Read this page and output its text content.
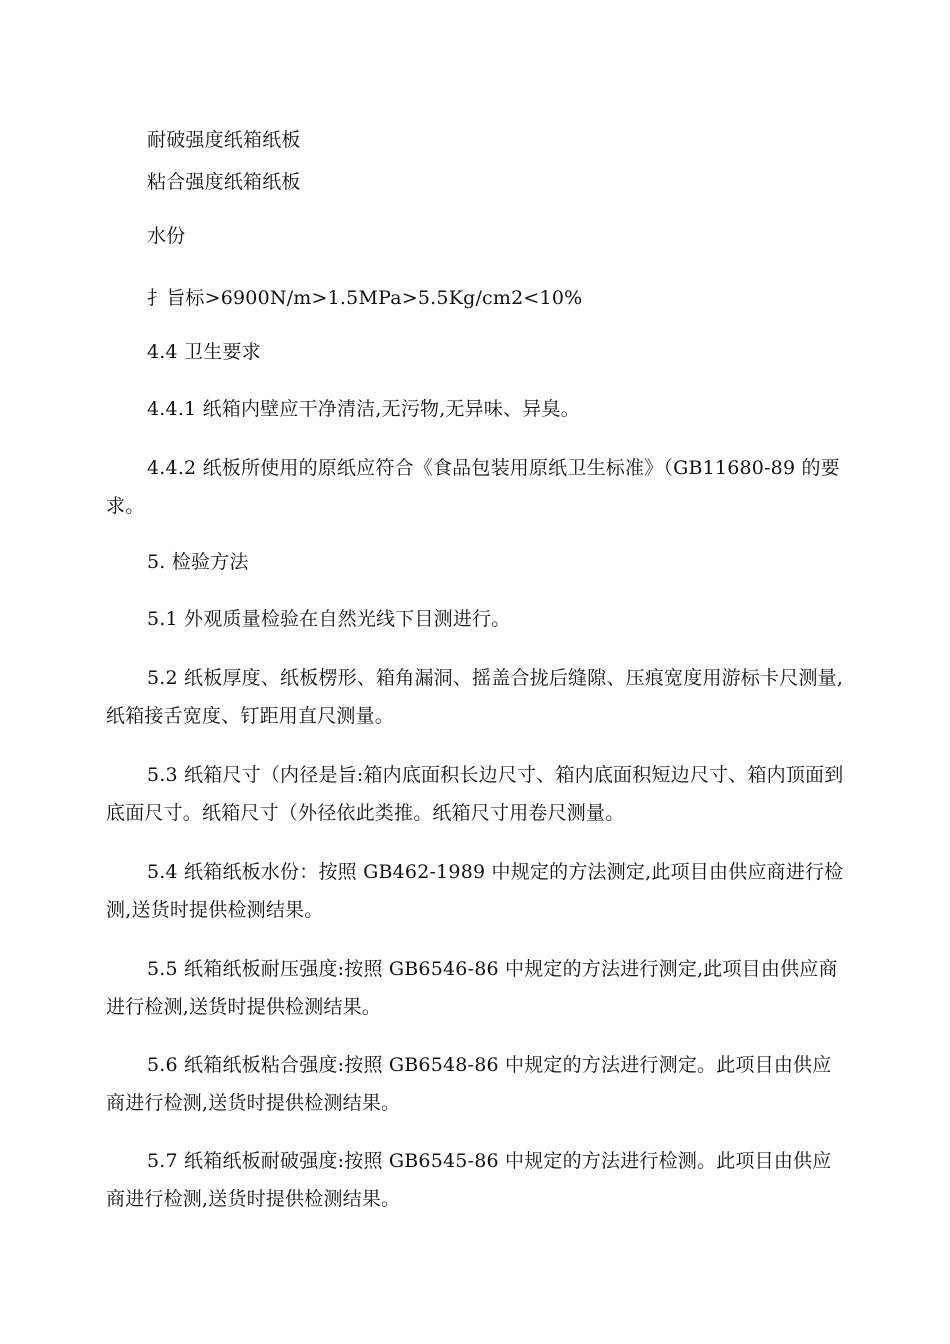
耐破强度纸箱纸板
粘合强度纸箱纸板
水份
扌旨标>6900N/m>1.5MPa>5.5Kg/cm2<10%
4.4 卫生要求
4.4.1 纸箱内壁应干净清洁,无污物,无异味、异臭。
4.4.2 纸板所使用的原纸应符合《食品包装用原纸卫生标准》（GB11680-89 的要求。
5. 检验方法
5.1 外观质量检验在自然光线下目测进行。
5.2 纸板厚度、纸板楞形、箱角漏洞、摇盖合拢后缝隙、压痕宽度用游标卡尺测量,纸箱接舌宽度、钉距用直尺测量。
5.3 纸箱尺寸（内径是旨:箱内底面积长边尺寸、箱内底面积短边尺寸、箱内顶面到底面尺寸。纸箱尺寸（外径依此类推。纸箱尺寸用卷尺测量。
5.4 纸箱纸板水份：按照 GB462-1989 中规定的方法测定,此项目由供应商进行检测,送货时提供检测结果。
5.5 纸箱纸板耐压强度:按照 GB6546-86 中规定的方法进行测定,此项目由供应商进行检测,送货时提供检测结果。
5.6 纸箱纸板粘合强度:按照 GB6548-86 中规定的方法进行测定。此项目由供应商进行检测,送货时提供检测结果。
5.7 纸箱纸板耐破强度:按照 GB6545-86 中规定的方法进行检测。此项目由供应商进行检测,送货时提供检测结果。
